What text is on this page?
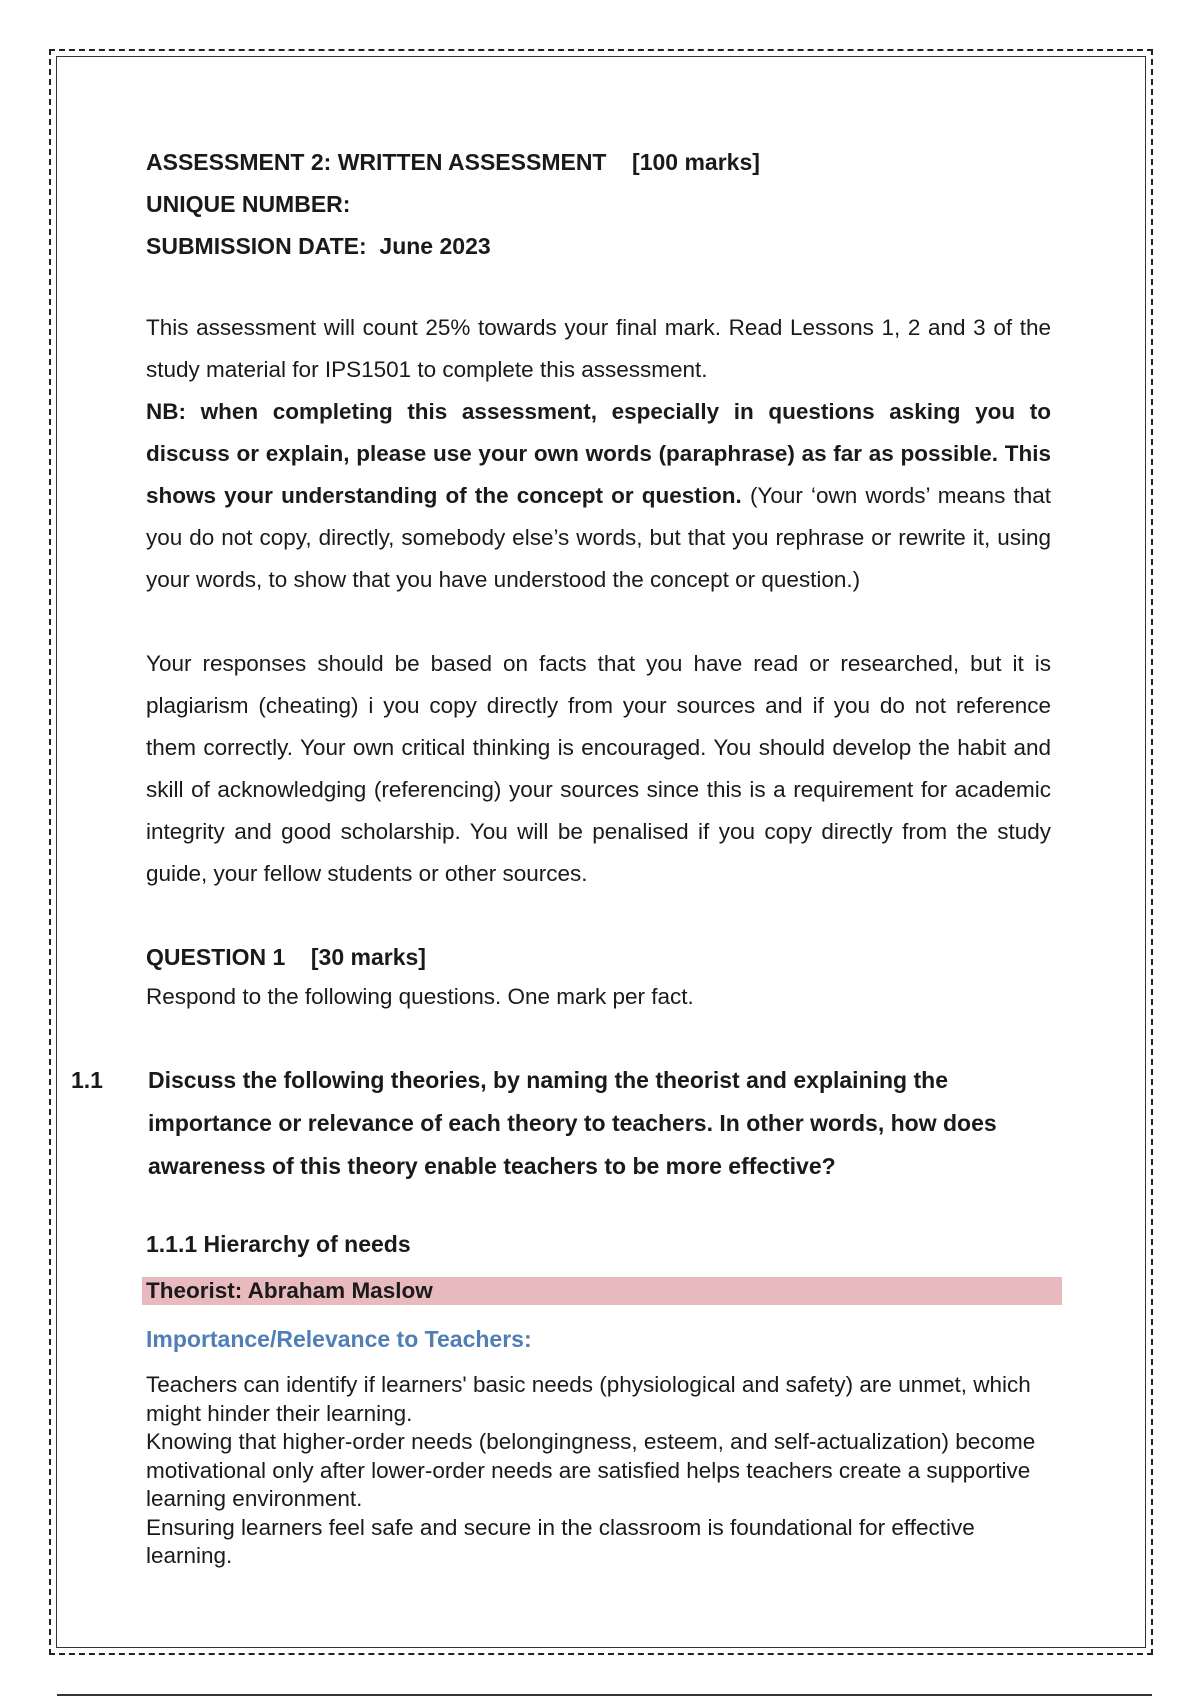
ASSESSMENT 2: WRITTEN ASSESSMENT [100 marks]

UNIQUE NUMBER:

SUBMISSION DATE: June 2023

This assessment will count 25% towards your final mark. Read Lessons 1, 2 and 3 of the study material for IPS1501 to complete this assessment.

NB: when completing this assessment, especially in questions asking you to discuss or explain, please use your own words (paraphrase) as far as possible. This shows your understanding of the concept or question. (Your ‘own words’ means that you do not copy, directly, somebody else’s words, but that you rephrase or rewrite it, using your words, to show that you have understood the concept or question.)

Your responses should be based on facts that you have read or researched, but it is plagiarism (cheating) i you copy directly from your sources and if you do not reference them correctly. Your own critical thinking is encouraged. You should develop the habit and skill of acknowledging (referencing) your sources since this is a requirement for academic integrity and good scholarship. You will be penalised if you copy directly from the study guide, your fellow students or other sources.

QUESTION 1 [30 marks]

Respond to the following questions. One mark per fact.

1.1 Discuss the following theories, by naming the theorist and explaining the importance or relevance of each theory to teachers. In other words, how does awareness of this theory enable teachers to be more effective?

1.1.1 Hierarchy of needs

Theorist: Abraham Maslow

Importance/Relevance to Teachers:

Teachers can identify if learners' basic needs (physiological and safety) are unmet, which might hinder their learning.

Knowing that higher-order needs (belongingness, esteem, and self-actualization) become motivational only after lower-order needs are satisfied helps teachers create a supportive learning environment.

Ensuring learners feel safe and secure in the classroom is foundational for effective learning.
